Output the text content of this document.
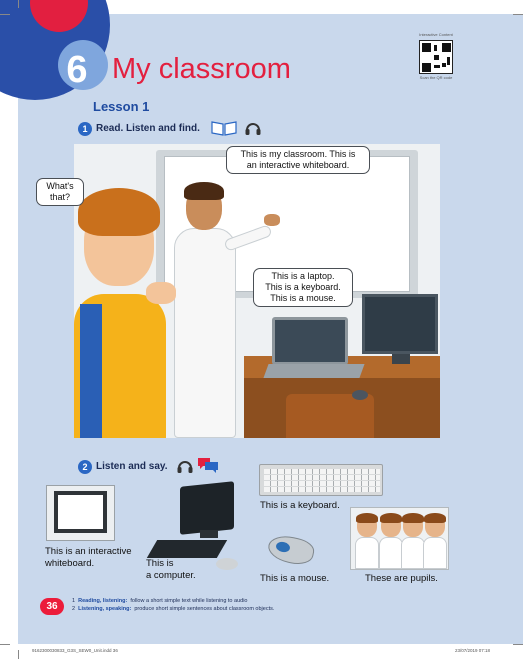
6 My classroom
Interactive Content
Scan the QR code
Lesson 1
1 Read. Listen and find.
What's that?
This is my classroom. This is
an interactive whiteboard.
This is a laptop.
This is a keyboard.
This is a mouse.
2 Listen and say.
This is an interactive
whiteboard.	This is
a computer.
This is a keyboard.
This is a mouse.	These are pupils.
36	1 Reading, listening: follow a short simple text while listening to audio
2 Listening, speaking: produce short simple sentences about classroom objects.
9162300030833_G3S_SEW0_Unit.indd 36	23/07/2019 07:18
